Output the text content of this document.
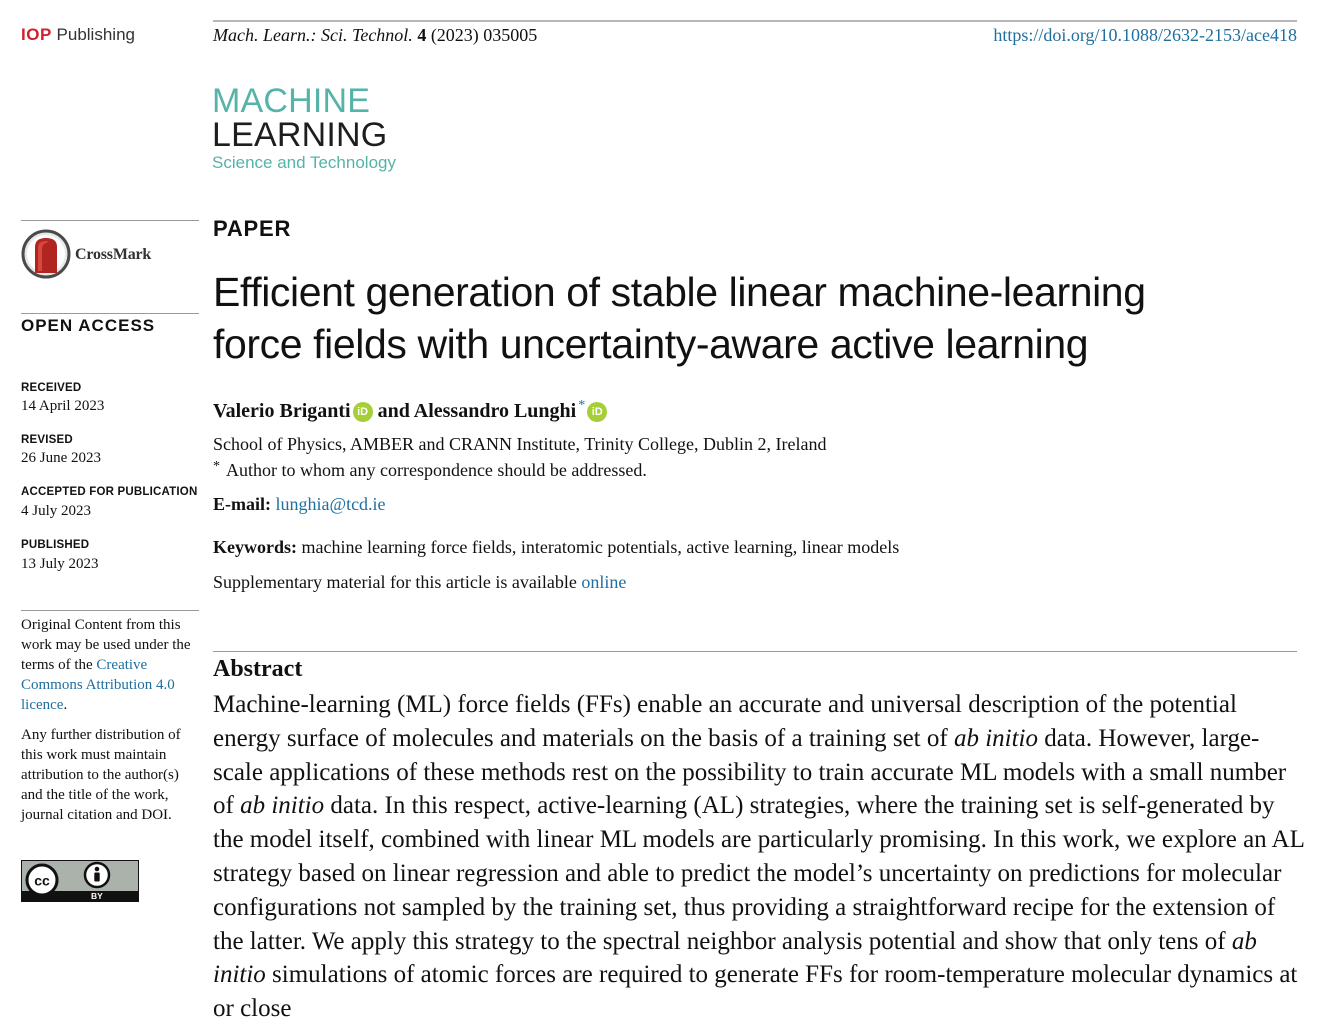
IOP Publishing	Mach. Learn.: Sci. Technol. 4 (2023) 035005	https://doi.org/10.1088/2632-2153/ace418
MACHINE
LEARNING
Science and Technology
CrossMark
OPEN ACCESS
RECEIVED
14 April 2023
REVISED
26 June 2023
ACCEPTED FOR PUBLICATION
4 July 2023
PUBLISHED
13 July 2023
Original Content from this work may be used under the terms of the Creative Commons Attribution 4.0 licence.
Any further distribution of this work must maintain attribution to the author(s) and the title of the work, journal citation and DOI.
cc
BY
PAPER
Efficient generation of stable linear machine-learning force fields with uncertainty-aware active learning
Valerio Briganti iD and Alessandro Lunghi * iD
School of Physics, AMBER and CRANN Institute, Trinity College, Dublin 2, Ireland
* Author to whom any correspondence should be addressed.
E-mail: lunghia@tcd.ie
Keywords: machine learning force fields, interatomic potentials, active learning, linear models
Supplementary material for this article is available online
Abstract
Machine-learning (ML) force fields (FFs) enable an accurate and universal description of the potential energy surface of molecules and materials on the basis of a training set of ab initio data. However, large-scale applications of these methods rest on the possibility to train accurate ML models with a small number of ab initio data. In this respect, active-learning (AL) strategies, where the training set is self-generated by the model itself, combined with linear ML models are particularly promising. In this work, we explore an AL strategy based on linear regression and able to predict the model’s uncertainty on predictions for molecular configurations not sampled by the training set, thus providing a straightforward recipe for the extension of the latter. We apply this strategy to the spectral neighbor analysis potential and show that only tens of ab initio simulations of atomic forces are required to generate FFs for room-temperature molecular dynamics at or close
